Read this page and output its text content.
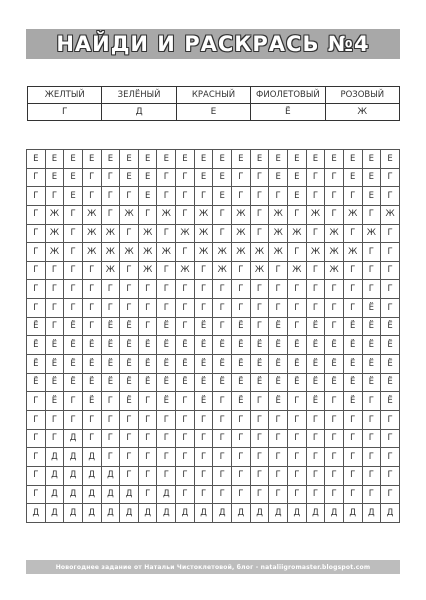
НАЙДИ И РАСКРАСЬ №4
ЖЕЛТЫЙ	ЗЕЛЁНЫЙ	КРАСНЫЙ	ФИОЛЕТОВЫЙ	РОЗОВЫЙ
Г	Д	Е	Ё	Ж
Е	Е	Е	Е	Е	Е	Е	Е	Е	Е	Е	Е	Е	Е	Е	Е	Е	Е	Е	Е
Г	Е	Е	Г	Г	Е	Е	Г	Г	Е	Е	Г	Г	Е	Е	Г	Г	Е	Е	Г
Г	Г	Е	Г	Г	Г	Е	Г	Г	Г	Е	Г	Г	Г	Е	Г	Г	Г	Е	Г
Г	Ж	Г	Ж	Г	Ж	Г	Ж	Г	Ж	Г	Ж	Г	Ж	Г	Ж	Г	Ж	Г	Ж
Г	Ж	Г	Ж	Ж	Г	Ж	Г	Ж	Ж	Г	Ж	Г	Ж	Ж	Г	Ж	Г	Ж	Г
Г	Ж	Г	Ж	Ж	Ж	Ж	Ж	Г	Ж	Ж	Ж	Ж	Ж	Г	Ж	Ж	Ж	Г	Г
Г	Г	Г	Г	Ж	Г	Ж	Г	Ж	Г	Ж	Г	Ж	Г	Ж	Г	Ж	Г	Г	Г
Г	Г	Г	Г	Г	Г	Г	Г	Г	Г	Г	Г	Г	Г	Г	Г	Г	Г	Г	Г
Г	Г	Г	Г	Г	Г	Г	Г	Г	Г	Г	Г	Г	Г	Г	Г	Г	Г	Ё	Г
Ё	Г	Ё	Г	Ё	Ё	Г	Ё	Г	Ё	Г	Ё	Г	Ё	Г	Ё	Г	Ё	Ё	Ё
Ё	Ё	Ё	Ё	Ё	Ё	Ё	Ё	Ё	Ё	Ё	Ё	Ё	Ё	Ё	Ё	Ё	Ё	Ё	Ё
Ё	Ё	Ё	Ё	Ё	Ё	Ё	Ё	Ё	Ё	Ё	Ё	Ё	Ё	Ё	Ё	Ё	Ё	Ё	Ё
Ё	Ё	Ё	Ё	Ё	Ё	Ё	Ё	Ё	Ё	Ё	Ё	Ё	Ё	Ё	Ё	Ё	Ё	Ё	Ё
Г	Ё	Г	Ё	Г	Ё	Г	Ё	Г	Ё	Г	Ё	Г	Ё	Г	Ё	Г	Ё	Г	Ё
Г	Г	Г	Г	Г	Г	Г	Г	Г	Г	Г	Г	Г	Г	Г	Г	Г	Г	Г	Г
Г	Г	Д	Г	Г	Г	Г	Г	Г	Г	Г	Г	Г	Г	Г	Г	Г	Г	Г	Г
Г	Д	Д	Д	Г	Г	Г	Г	Г	Г	Г	Г	Г	Г	Г	Г	Г	Г	Г	Г
Г	Д	Д	Д	Д	Г	Г	Г	Г	Г	Г	Г	Г	Г	Г	Г	Г	Г	Г	Г
Г	Д	Д	Д	Д	Д	Г	Д	Г	Г	Г	Г	Г	Г	Г	Г	Г	Г	Г	Г
Д	Д	Д	Д	Д	Д	Д	Д	Д	Д	Д	Д	Д	Д	Д	Д	Д	Д	Д	Д
Новогоднее задание от Натальи Чистоклетовой, блог - nataliigromaster.blogspot.com
